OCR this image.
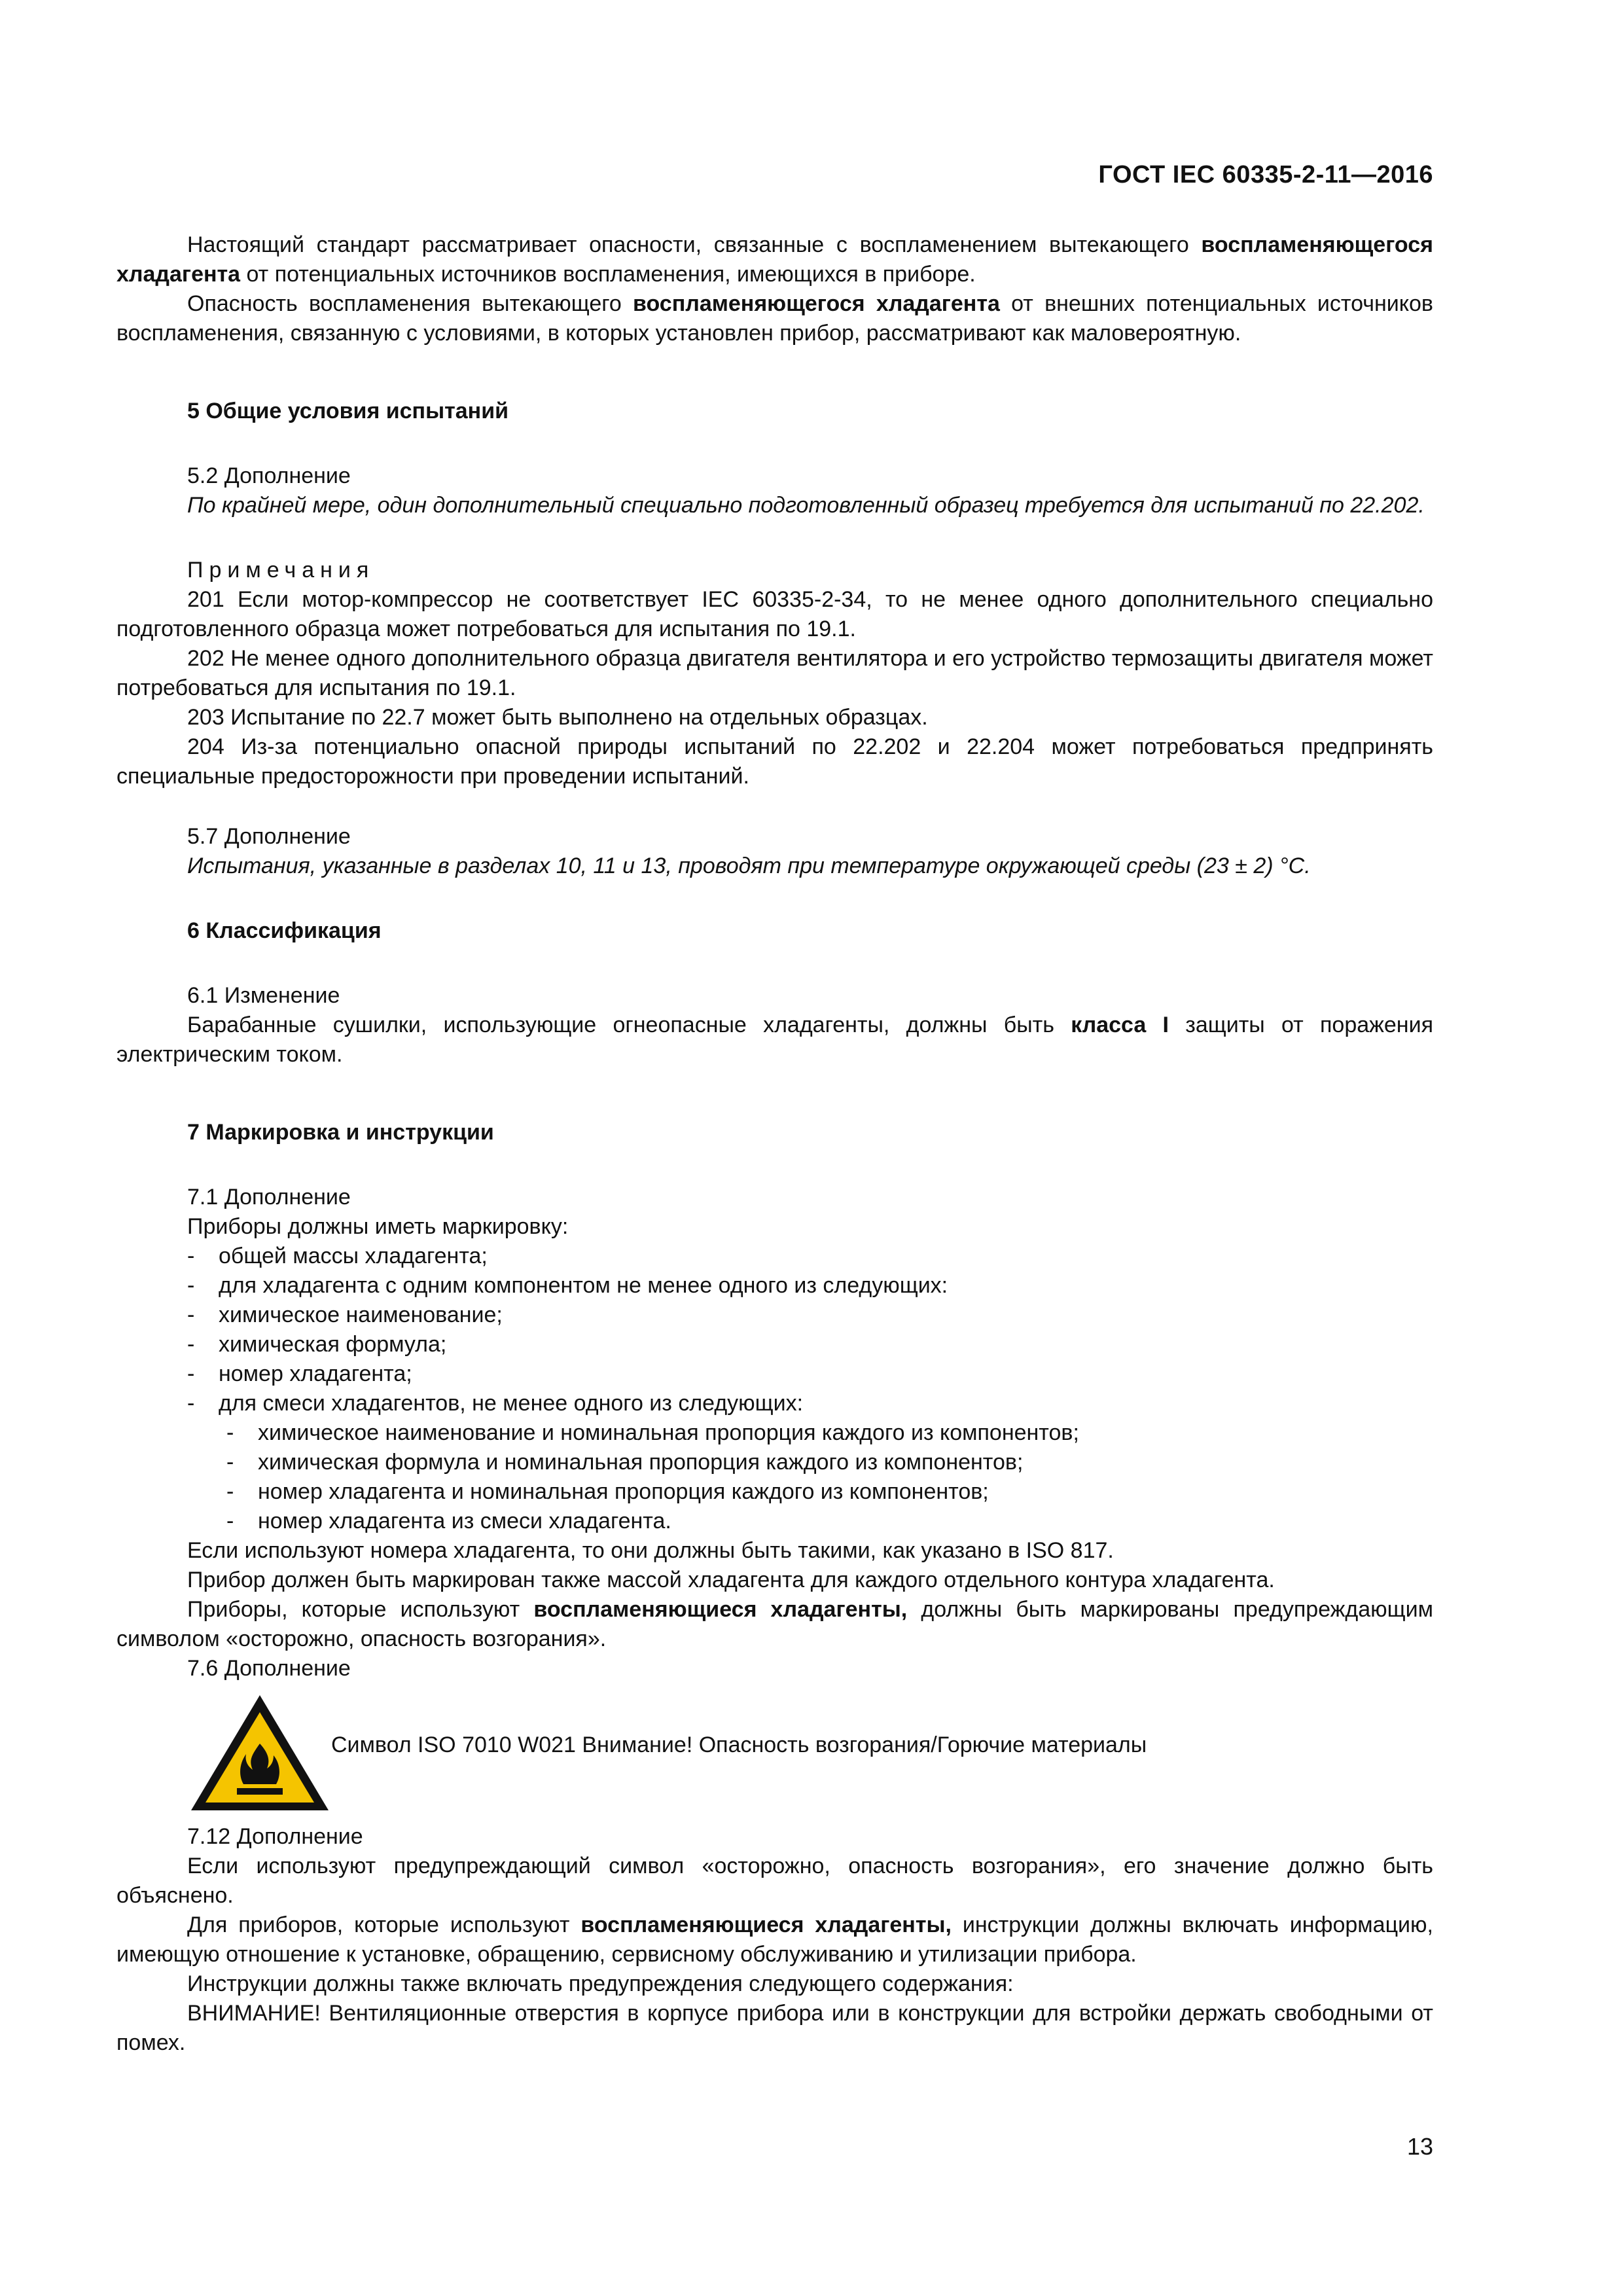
ГОСТ IEC 60335-2-11—2016

Настоящий стандарт рассматривает опасности, связанные с воспламенением вытекающего воспламеняющегося хладагента от потенциальных источников воспламенения, имеющихся в приборе.

Опасность воспламенения вытекающего воспламеняющегося хладагента от внешних потенциальных источников воспламенения, связанную с условиями, в которых установлен прибор, рассматривают как маловероятную.

5 Общие условия испытаний

5.2 Дополнение

По крайней мере, один дополнительный специально подготовленный образец требуется для испытаний по 22.202.

Примечания

201 Если мотор-компрессор не соответствует IEC 60335-2-34, то не менее одного дополнительного специально подготовленного образца может потребоваться для испытания по 19.1.

202 Не менее одного дополнительного образца двигателя вентилятора и его устройство термозащиты двигателя может потребоваться для испытания по 19.1.

203 Испытание по 22.7 может быть выполнено на отдельных образцах.

204 Из-за потенциально опасной природы испытаний по 22.202 и 22.204 может потребоваться предпринять специальные предосторожности при проведении испытаний.

5.7 Дополнение

Испытания, указанные в разделах 10, 11 и 13, проводят при температуре окружающей среды (23 ± 2) °С.

6 Классификация

6.1 Изменение

Барабанные сушилки, использующие огнеопасные хладагенты, должны быть класса I защиты от поражения электрическим током.

7 Маркировка и инструкции

7.1 Дополнение

Приборы должны иметь маркировку:

- общей массы хладагента;
- для хладагента с одним компонентом не менее одного из следующих:
- химическое наименование;
- химическая формула;
- номер хладагента;
- для смеси хладагентов, не менее одного из следующих:
- химическое наименование и номинальная пропорция каждого из компонентов;
- химическая формула и номинальная пропорция каждого из компонентов;
- номер хладагента и номинальная пропорция каждого из компонентов;
- номер хладагента из смеси хладагента.

Если используют номера хладагента, то они должны быть такими, как указано в ISO 817.

Прибор должен быть маркирован также массой хладагента для каждого отдельного контура хладагента.

Приборы, которые используют воспламеняющиеся хладагенты, должны быть маркированы предупреждающим символом «осторожно, опасность возгорания».

7.6 Дополнение

Символ ISO 7010 W021 Внимание! Опасность возгорания/Горючие материалы

7.12 Дополнение

Если используют предупреждающий символ «осторожно, опасность возгорания», его значение должно быть объяснено.

Для приборов, которые используют воспламеняющиеся хладагенты, инструкции должны включать информацию, имеющую отношение к установке, обращению, сервисному обслуживанию и утилизации прибора.

Инструкции должны также включать предупреждения следующего содержания:

ВНИМАНИЕ! Вентиляционные отверстия в корпусе прибора или в конструкции для встройки держать свободными от помех.

13
